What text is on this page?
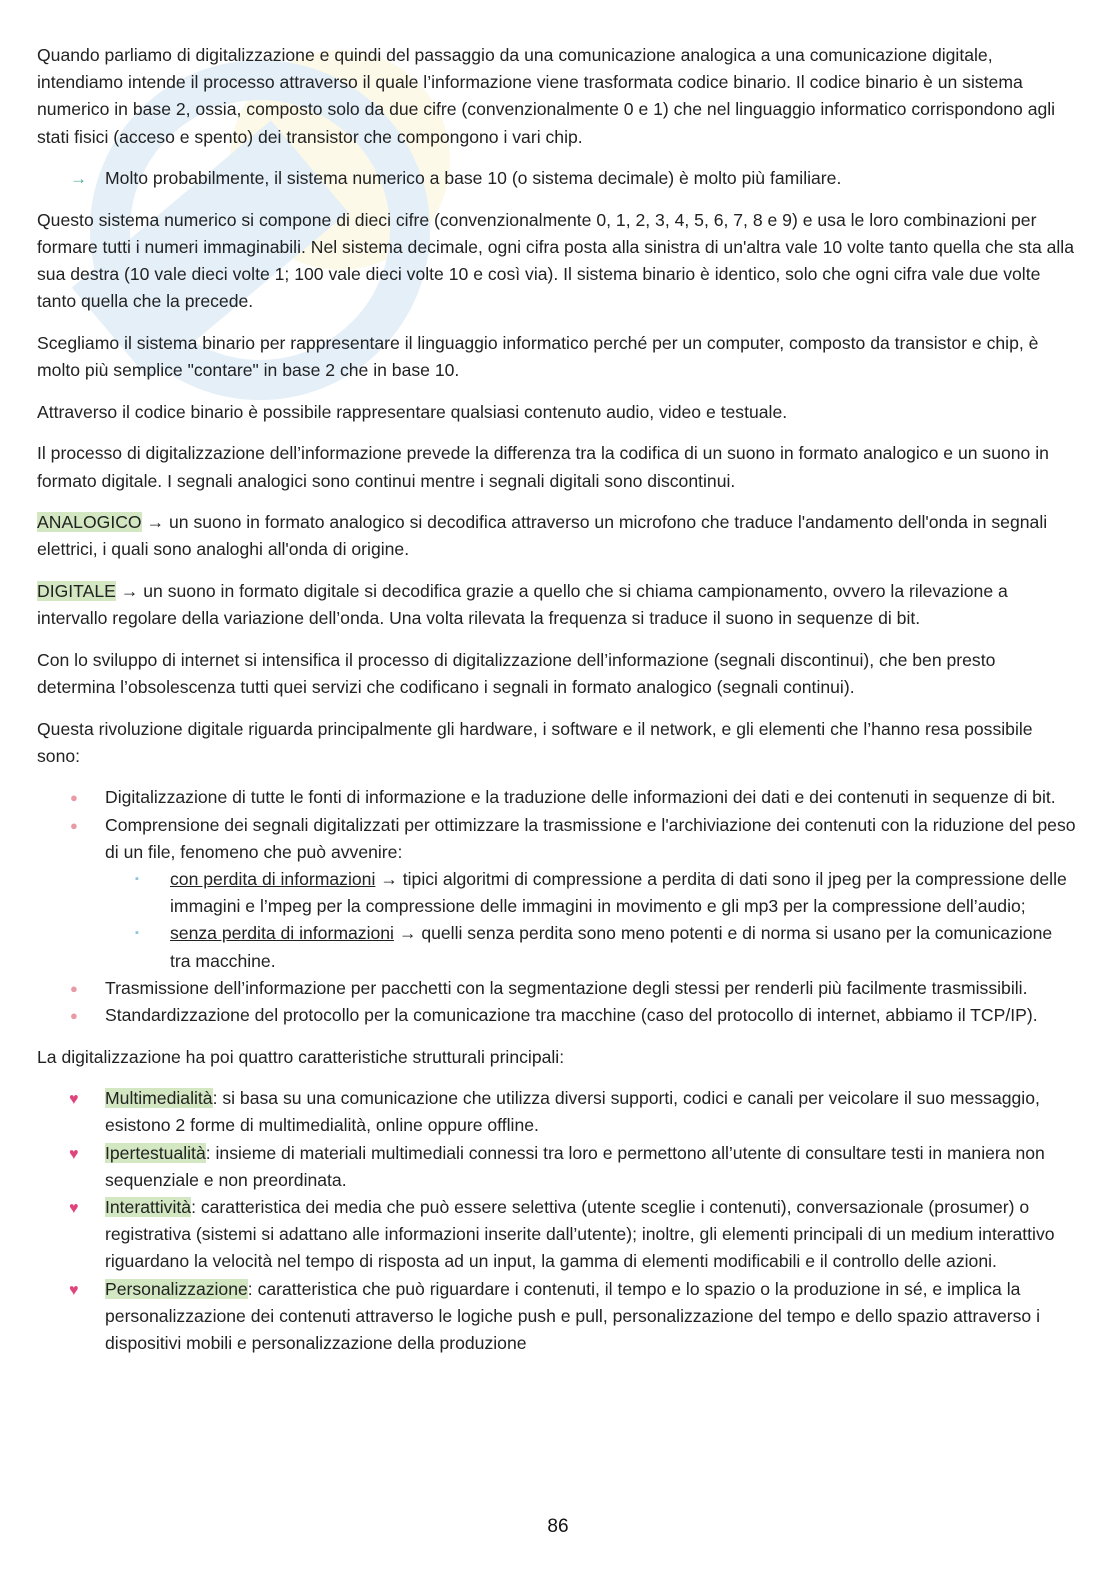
Quando parliamo di digitalizzazione e quindi del passaggio da una comunicazione analogica a una comunicazione digitale, intendiamo intende il processo attraverso il quale l’informazione viene trasformata codice binario. Il codice binario è un sistema numerico in base 2, ossia, composto solo da due cifre (convenzionalmente 0 e 1) che nel linguaggio informatico corrispondono agli stati fisici (acceso e spento) dei transistor che compongono i vari chip.

→ Molto probabilmente, il sistema numerico a base 10 (o sistema decimale) è molto più familiare.

Questo sistema numerico si compone di dieci cifre (convenzionalmente 0, 1, 2, 3, 4, 5, 6, 7, 8 e 9) e usa le loro combinazioni per formare tutti i numeri immaginabili. Nel sistema decimale, ogni cifra posta alla sinistra di un'altra vale 10 volte tanto quella che sta alla sua destra (10 vale dieci volte 1; 100 vale dieci volte 10 e così via). Il sistema binario è identico, solo che ogni cifra vale due volte tanto quella che la precede.

Scegliamo il sistema binario per rappresentare il linguaggio informatico perché per un computer, composto da transistor e chip, è molto più semplice "contare" in base 2 che in base 10.

Attraverso il codice binario è possibile rappresentare qualsiasi contenuto audio, video e testuale.

Il processo di digitalizzazione dell’informazione prevede la differenza tra la codifica di un suono in formato analogico e un suono in formato digitale. I segnali analogici sono continui mentre i segnali digitali sono discontinui.

ANALOGICO → un suono in formato analogico si decodifica attraverso un microfono che traduce l'andamento dell'onda in segnali elettrici, i quali sono analoghi all'onda di origine.

DIGITALE → un suono in formato digitale si decodifica grazie a quello che si chiama campionamento, ovvero la rilevazione a intervallo regolare della variazione dell’onda. Una volta rilevata la frequenza si traduce il suono in sequenze di bit.

Con lo sviluppo di internet si intensifica il processo di digitalizzazione dell’informazione (segnali discontinui), che ben presto determina l’obsolescenza tutti quei servizi che codificano i segnali in formato analogico (segnali continui).

Questa rivoluzione digitale riguarda principalmente gli hardware, i software e il network, e gli elementi che l’hanno resa possibile sono:

● Digitalizzazione di tutte le fonti di informazione e la traduzione delle informazioni dei dati e dei contenuti in sequenze di bit.
● Comprensione dei segnali digitalizzati per ottimizzare la trasmissione e l'archiviazione dei contenuti con la riduzione del peso di un file, fenomeno che può avvenire:
▪ con perdita di informazioni → tipici algoritmi di compressione a perdita di dati sono il jpeg per la compressione delle immagini e l’mpeg per la compressione delle immagini in movimento e gli mp3 per la compressione dell’audio;
▪ senza perdita di informazioni → quelli senza perdita sono meno potenti e di norma si usano per la comunicazione tra macchine.
● Trasmissione dell’informazione per pacchetti con la segmentazione degli stessi per renderli più facilmente trasmissibili.
● Standardizzazione del protocollo per la comunicazione tra macchine (caso del protocollo di internet, abbiamo il TCP/IP).

La digitalizzazione ha poi quattro caratteristiche strutturali principali:

♥ Multimedialità: si basa su una comunicazione che utilizza diversi supporti, codici e canali per veicolare il suo messaggio, esistono 2 forme di multimedialità, online oppure offline.
♥ Ipertestualità: insieme di materiali multimediali connessi tra loro e permettono all’utente di consultare testi in maniera non sequenziale e non preordinata.
♥ Interattività: caratteristica dei media che può essere selettiva (utente sceglie i contenuti), conversazionale (prosumer) o registrativa (sistemi si adattano alle informazioni inserite dall’utente); inoltre, gli elementi principali di un medium interattivo riguardano la velocità nel tempo di risposta ad un input, la gamma di elementi modificabili e il controllo delle azioni.
♥ Personalizzazione: caratteristica che può riguardare i contenuti, il tempo e lo spazio o la produzione in sé, e implica la personalizzazione dei contenuti attraverso le logiche push e pull, personalizzazione del tempo e dello spazio attraverso i dispositivi mobili e personalizzazione della produzione
86
